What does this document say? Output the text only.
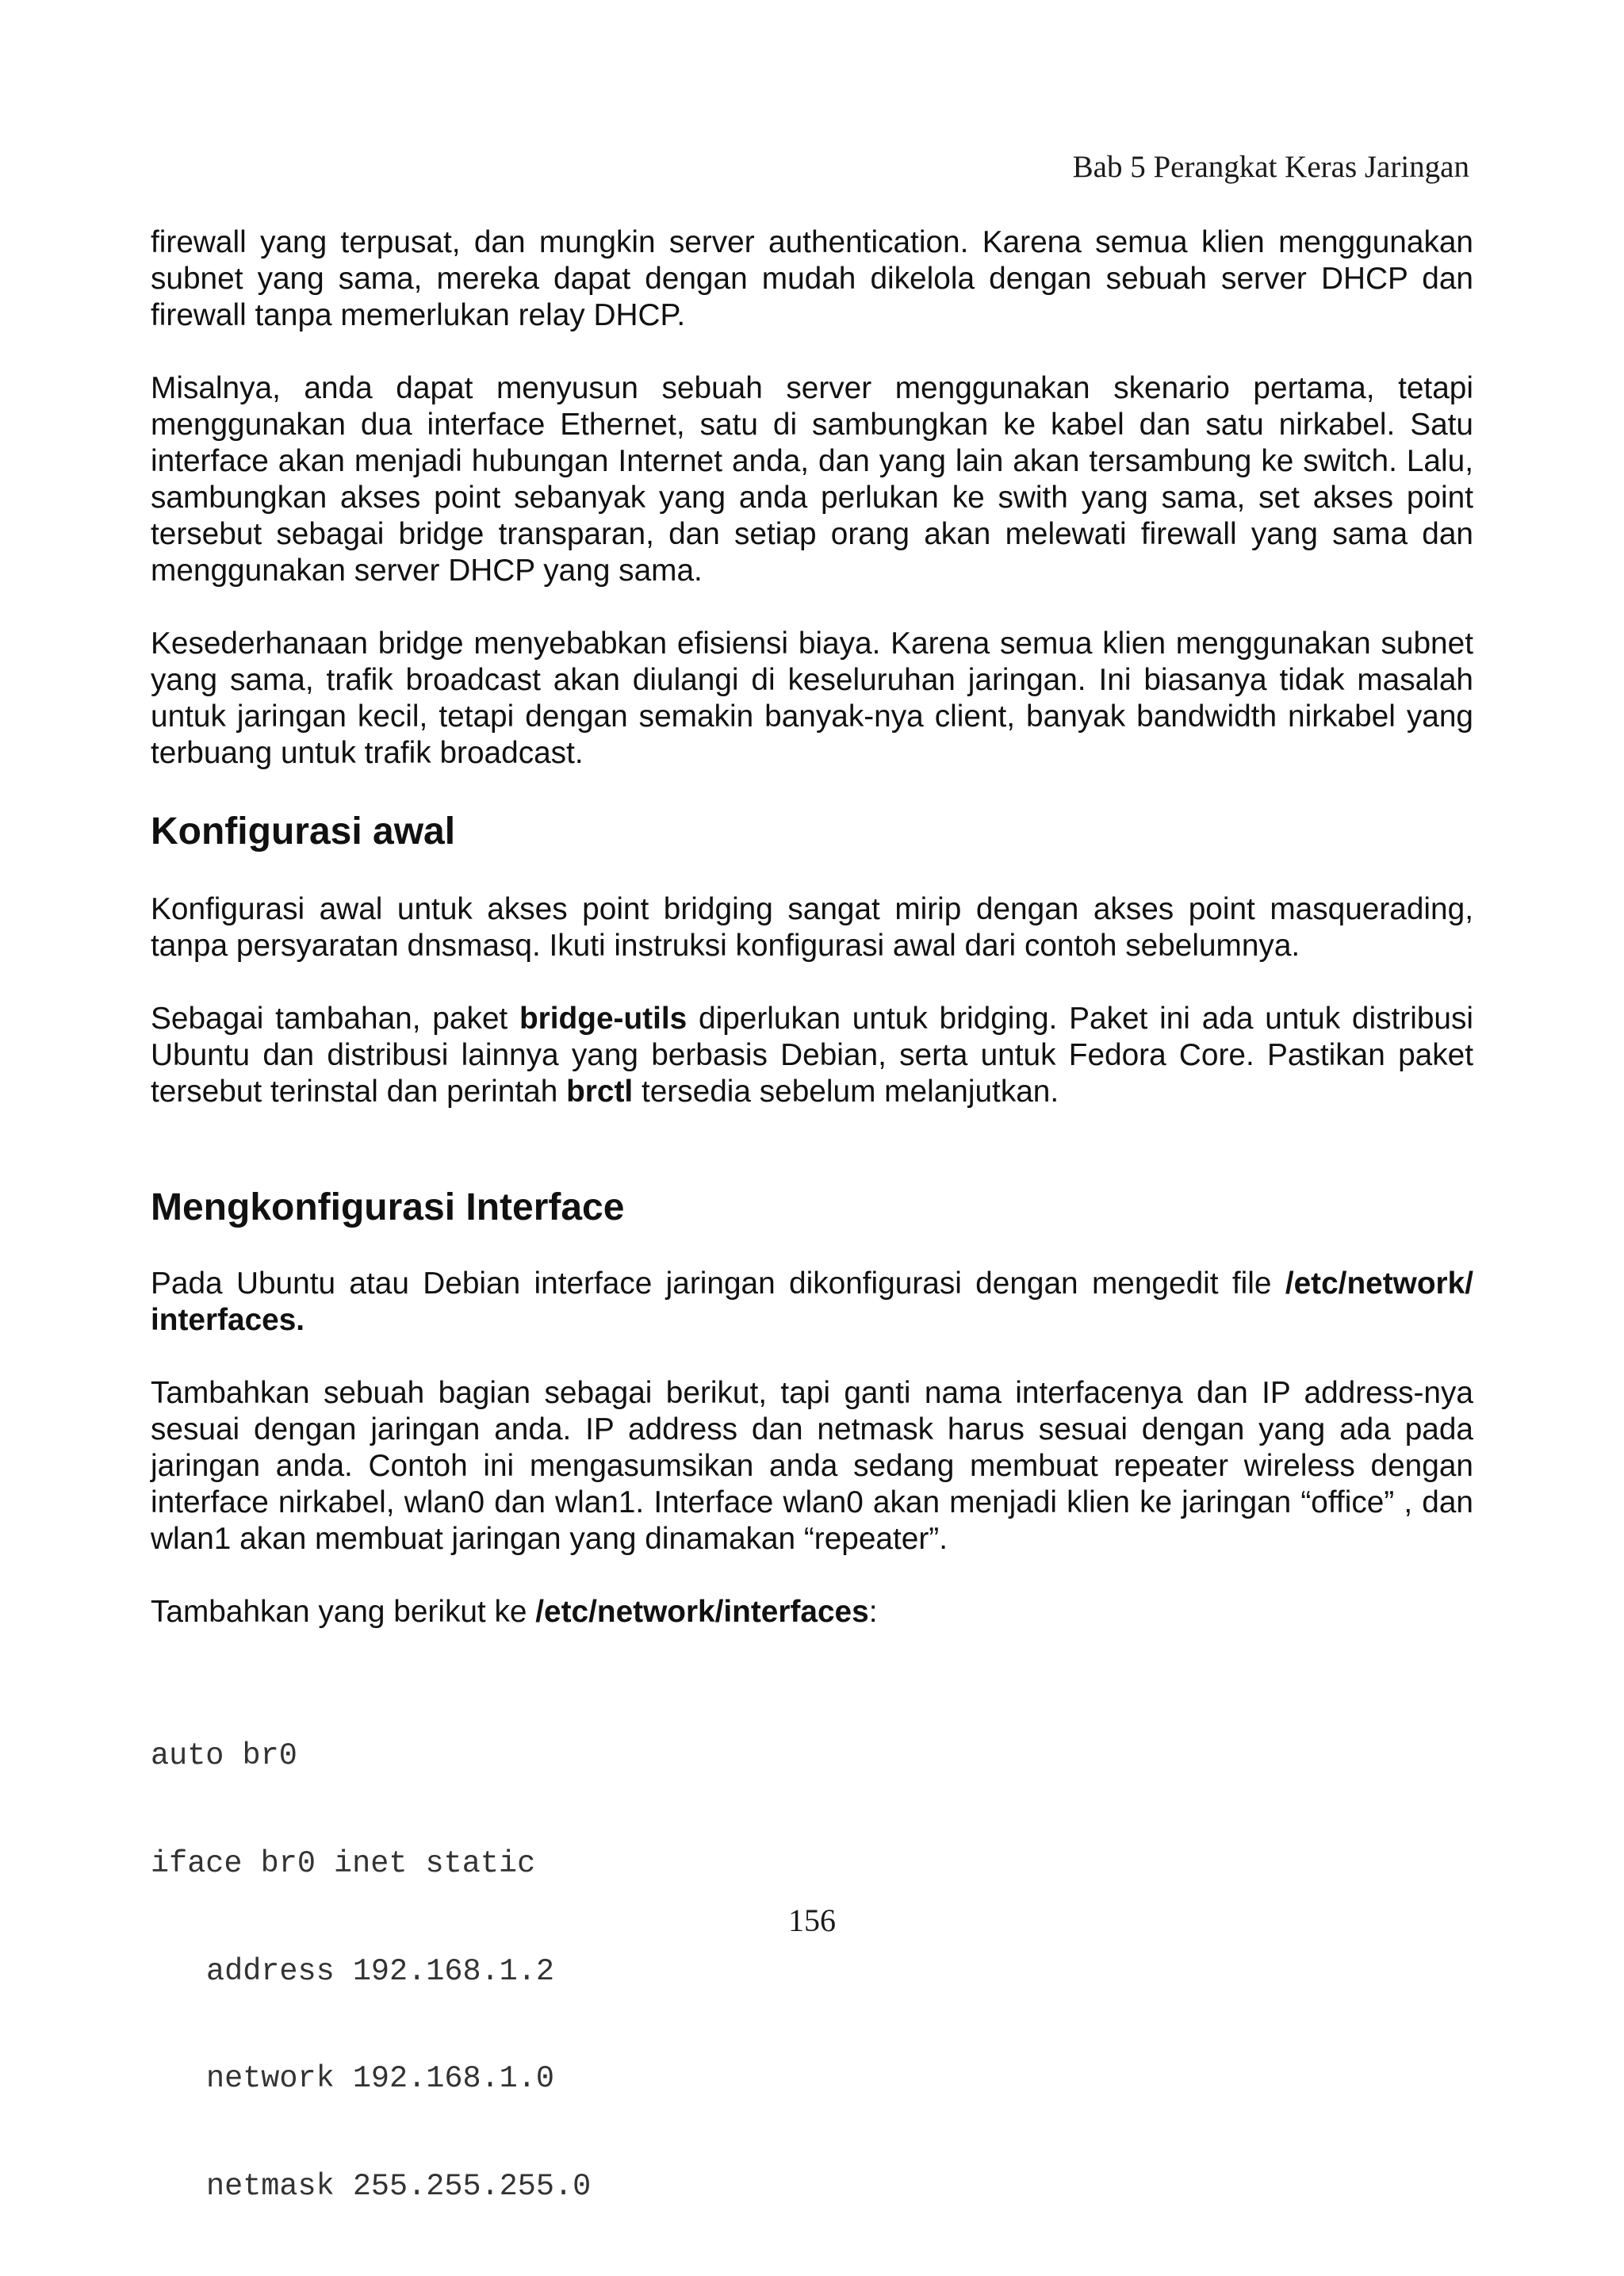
Bab 5 Perangkat Keras Jaringan

firewall yang terpusat, dan mungkin server authentication. Karena semua klien menggunakan subnet yang sama, mereka dapat dengan mudah dikelola dengan sebuah server DHCP dan firewall tanpa memerlukan relay DHCP.

Misalnya, anda dapat menyusun sebuah server menggunakan skenario pertama, tetapi menggunakan dua interface Ethernet, satu di sambungkan ke kabel dan satu nirkabel. Satu interface akan menjadi hubungan Internet anda, dan yang lain akan tersambung ke switch. Lalu, sambungkan akses point sebanyak yang anda perlukan ke swith yang sama, set akses point tersebut sebagai bridge transparan, dan setiap orang akan melewati firewall yang sama dan menggunakan server DHCP yang sama.

Kesederhanaan bridge menyebabkan efisiensi biaya. Karena semua klien menggunakan subnet yang sama, trafik broadcast akan diulangi di keseluruhan jaringan. Ini biasanya tidak masalah untuk jaringan kecil, tetapi dengan semakin banyak-nya client, banyak bandwidth nirkabel yang terbuang untuk trafik broadcast.

Konfigurasi awal

Konfigurasi awal untuk akses point bridging sangat mirip dengan akses point masquerading, tanpa persyaratan dnsmasq. Ikuti instruksi konfigurasi awal dari contoh sebelumnya.

Sebagai tambahan, paket bridge-utils diperlukan untuk bridging. Paket ini ada untuk distribusi Ubuntu dan distribusi lainnya yang berbasis Debian, serta untuk Fedora Core. Pastikan paket tersebut terinstal dan perintah brctl tersedia sebelum melanjutkan.

Mengkonfigurasi Interface

Pada Ubuntu atau Debian interface jaringan dikonfigurasi dengan mengedit file /etc/network/ interfaces.

Tambahkan sebuah bagian sebagai berikut, tapi ganti nama interfacenya dan IP address-nya sesuai dengan jaringan anda. IP address dan netmask harus sesuai dengan yang ada pada jaringan anda. Contoh ini mengasumsikan anda sedang membuat repeater wireless dengan interface nirkabel, wlan0 dan wlan1. Interface wlan0 akan menjadi klien ke jaringan “office” , dan wlan1 akan membuat jaringan yang dinamakan “repeater”.

Tambahkan yang berikut ke /etc/network/interfaces:

auto br0

iface br0 inet static

address 192.168.1.2

network 192.168.1.0

netmask 255.255.255.0

156
